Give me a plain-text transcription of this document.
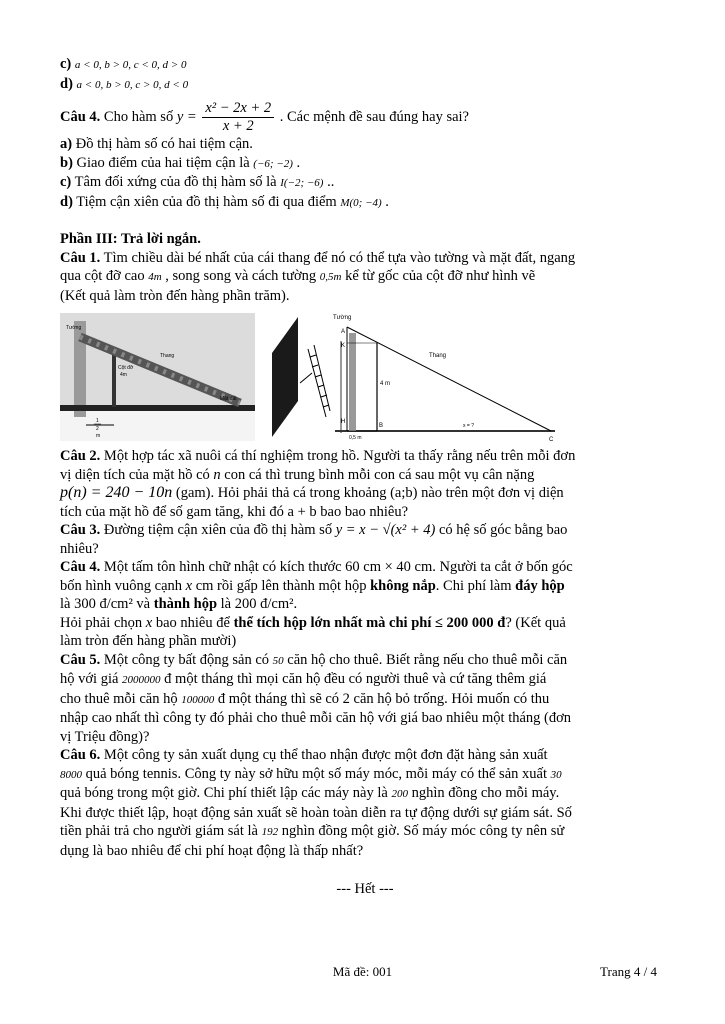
c) a < 0, b > 0, c < 0, d > 0

d) a < 0, b > 0, c > 0, d < 0

Câu 4. Cho hàm số $y = \frac{\text{x² − 2x + 2}}{x + 2}$ . Các mệnh đề sau đúng hay sai?

a) Đồ thị hàm số có hai tiệm cận.

b) Giao điểm của hai tiệm cận là (−6; −2) .

c) Tâm đối xứng của đồ thị hàm số là I(−2; −6) ..

d) Tiệm cận xiên của đồ thị hàm số đi qua điểm M(0; −4) .

Phần III: Trả lời ngắn.

Câu 1. Tìm chiều dài bé nhất của cái thang để nó có thể tựa vào tường và mặt đất, ngang

qua cột đỡ cao 4m , song song và cách tường 0,5m kể từ gốc của cột đỡ như hình vẽ

(Kết quả làm tròn đến hàng phần trăm).

Tường
Cột đỡ
4m
Thang
Mặt đất
1
2
m
A
K
H
B
C
4 m
0,5 m
x = ?
Tường
Thang

Câu 2. Một hợp tác xã nuôi cá thí nghiệm trong hồ. Người ta thấy rằng nếu trên mỗi đơn

vị diện tích của mặt hồ có n con cá thì trung bình mỗi con cá sau một vụ cân nặng

p(n) = 240 − 10n (gam). Hỏi phải thả cá trong khoảng (a;b) nào trên một đơn vị diện

tích của mặt hồ để số gam tăng, khi đó a + b bao bao nhiêu?

Câu 3. Đường tiệm cận xiên của đồ thị hàm số y = x − √(x² + 4) có hệ số góc bằng bao

nhiêu?

Câu 4. Một tấm tôn hình chữ nhật có kích thước 60 cm × 40 cm. Người ta cắt ở bốn góc

bốn hình vuông cạnh x cm rồi gấp lên thành một hộp không nắp. Chi phí làm đáy hộp

là 300 đ/cm² và thành hộp là 200 đ/cm².

Hỏi phải chọn x bao nhiêu để thể tích hộp lớn nhất mà chi phí ≤ 200 000 đ? (Kết quả

làm tròn đến hàng phần mười)

Câu 5. Một công ty bất động sản có 50 căn hộ cho thuê. Biết rằng nếu cho thuê mỗi căn

hộ với giá 2000000 đ một tháng thì mọi căn hộ đều có người thuê và cứ tăng thêm giá

cho thuê mỗi căn hộ 100000 đ một tháng thì sẽ có 2 căn hộ bỏ trống. Hỏi muốn có thu

nhập cao nhất thì công ty đó phải cho thuê mỗi căn hộ với giá bao nhiêu một tháng (đơn

vị Triệu đồng)?

Câu 6. Một công ty sản xuất dụng cụ thể thao nhận được một đơn đặt hàng sản xuất

8000 quả bóng tennis. Công ty này sở hữu một số máy móc, mỗi máy có thể sản xuất 30

quả bóng trong một giờ. Chi phí thiết lập các máy này là 200 nghìn đồng cho mỗi máy.

Khi được thiết lập, hoạt động sản xuất sẽ hoàn toàn diễn ra tự động dưới sự giám sát. Số

tiền phải trả cho người giám sát là 192 nghìn đồng một giờ. Số máy móc công ty nên sử

dụng là bao nhiêu để chi phí hoạt động là thấp nhất?

--- Hết ---

Mã đề: 001	Trang 4 / 4
